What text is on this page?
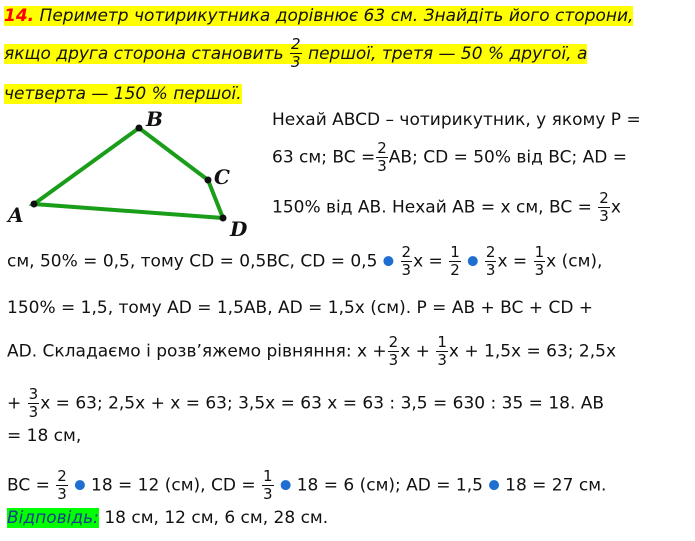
14. Периметр чотирикутника дорівнює 63 см. Знайдіть його сторони,
якщо друга сторона становить $\frac{2}{3}$ першої, третя — 50 % другої, а
четверта — 150 % першої.
A
B
C
D
Нехай ABCD – чотирикутник, у якому P =
63 см; BC = $\frac{2}{3}$ AB; CD = 50% від BC; AD =
150% від AB. Нехай AB = x см, BC = $\frac{2}{3}$ x
см, 50% = 0,5, тому CD = 0,5BC, CD = 0,5 ● $\frac{2}{3}$ $x = \frac{1}{2}$ ● $\frac{2}{3}$ $x = \frac{1}{3}$ x (см),
150% = 1,5, тому AD = 1,5AB, AD = 1,5x (см). P = AB + BC + CD +
AD. Складаємо і розв’яжемо рівняння: $x + \frac{2}{3}$ $x + \frac{1}{3}$ x + 1,5x = 63; 2,5x
+ $\frac{3}{3}$ x = 63; 2,5x + x = 63; 3,5x = 63 x = 63 : 3,5 = 630 : 35 = 18. AB
= 18 см,
BC = $\frac{2}{3}$ ● 18 = 12 (см), CD = $\frac{1}{3}$ ● 18 = 6 (см); AD = 1,5 ● 18 = 27 см.
Відповідь: 18 см, 12 см, 6 см, 28 см.
